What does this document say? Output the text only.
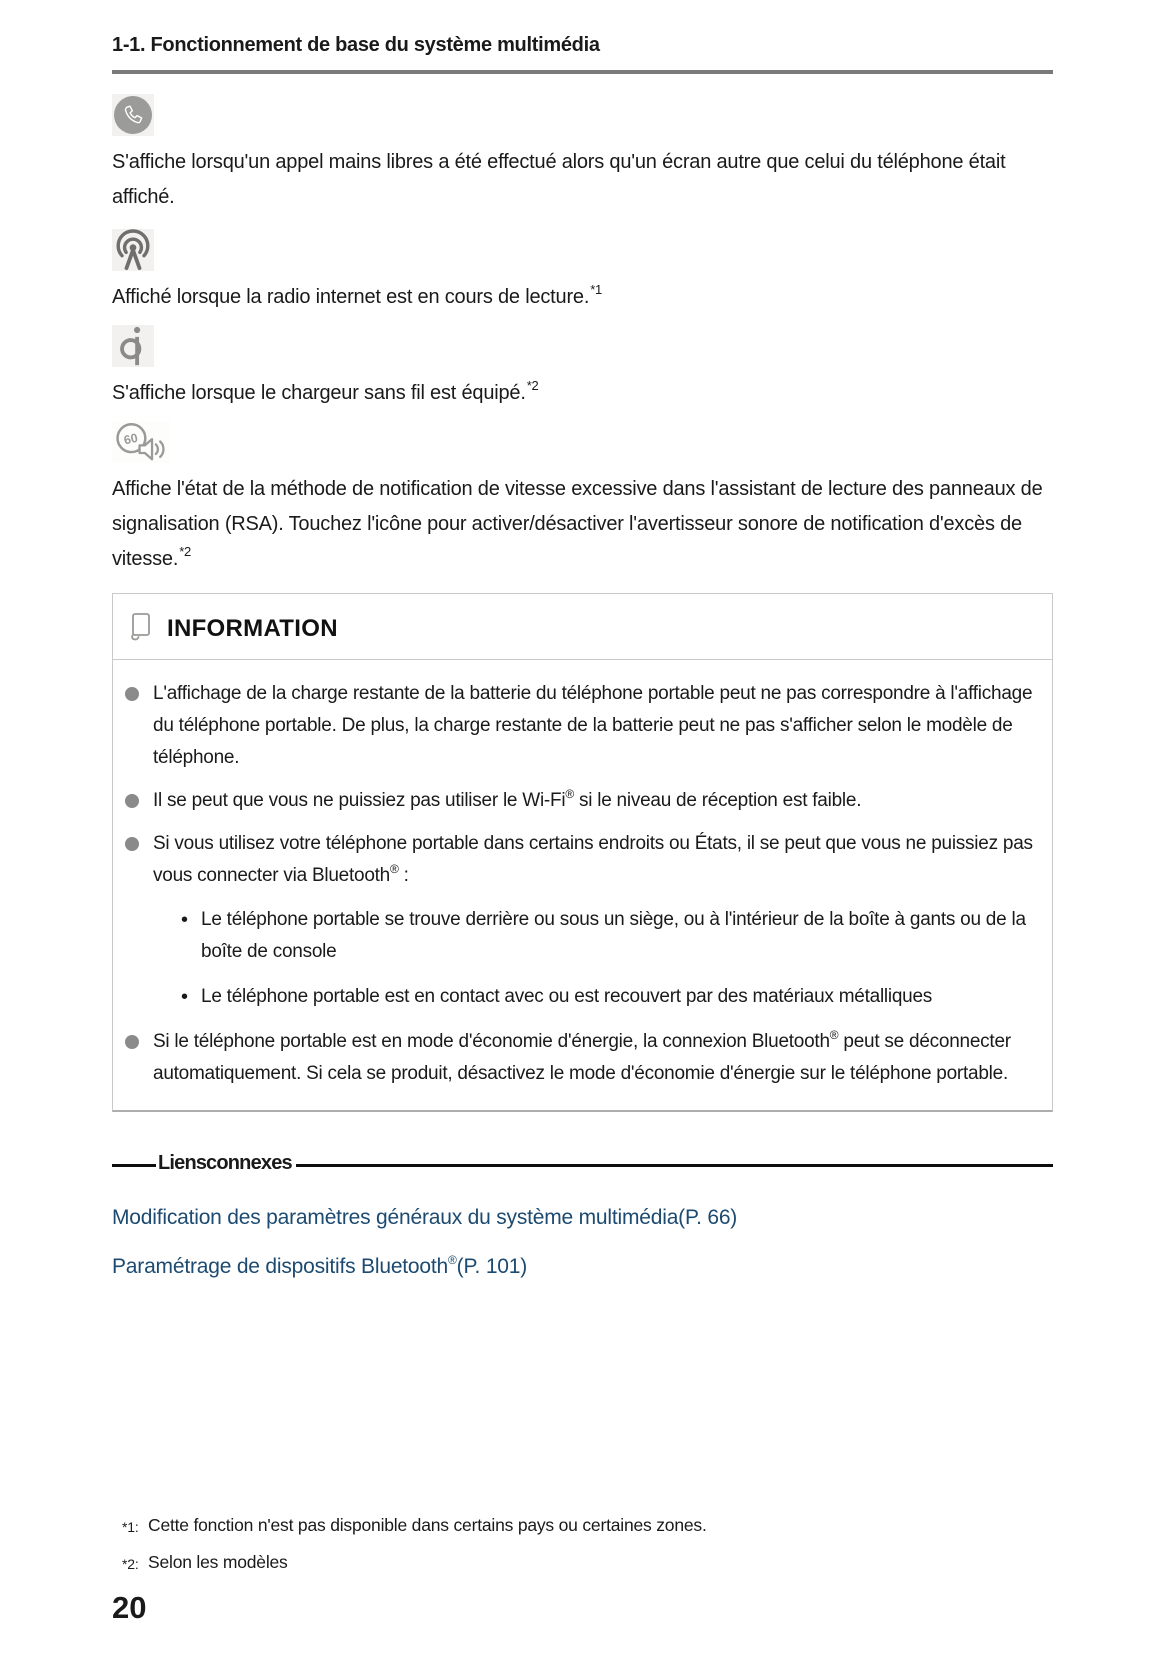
1-1. Fonctionnement de base du système multimédia

S'affiche lorsqu'un appel mains libres a été effectué alors qu'un écran autre que celui du téléphone était affiché.

Affiché lorsque la radio internet est en cours de lecture.$^{*1}$

S'affiche lorsque le chargeur sans fil est équipé.$^{*2}$

60

Affiche l'état de la méthode de notification de vitesse excessive dans l'assistant de lecture des panneaux de signalisation (RSA). Touchez l'icône pour activer/désactiver l'avertisseur sonore de notification d'excès de vitesse.$^{*2}$

INFORMATION
L'affichage de la charge restante de la batterie du téléphone portable peut ne pas correspondre à l'affichage du téléphone portable. De plus, la charge restante de la batterie peut ne pas s'afficher selon le modèle de téléphone.
Il se peut que vous ne puissiez pas utiliser le Wi-Fi® si le niveau de réception est faible.
Si vous utilisez votre téléphone portable dans certains endroits ou États, il se peut que vous ne puissiez pas vous connecter via Bluetooth® :
• Le téléphone portable se trouve derrière ou sous un siège, ou à l'intérieur de la boîte à gants ou de la boîte de console
• Le téléphone portable est en contact avec ou est recouvert par des matériaux métalliques
Si le téléphone portable est en mode d'économie d'énergie, la connexion Bluetooth® peut se déconnecter automatiquement. Si cela se produit, désactivez le mode d'économie d'énergie sur le téléphone portable.
Liens connexes
Modification des paramètres généraux du système multimédia(P. 66)
Paramétrage de dispositifs Bluetooth®(P. 101)
*1: Cette fonction n'est pas disponible dans certains pays ou certaines zones.
*2: Selon les modèles
20
